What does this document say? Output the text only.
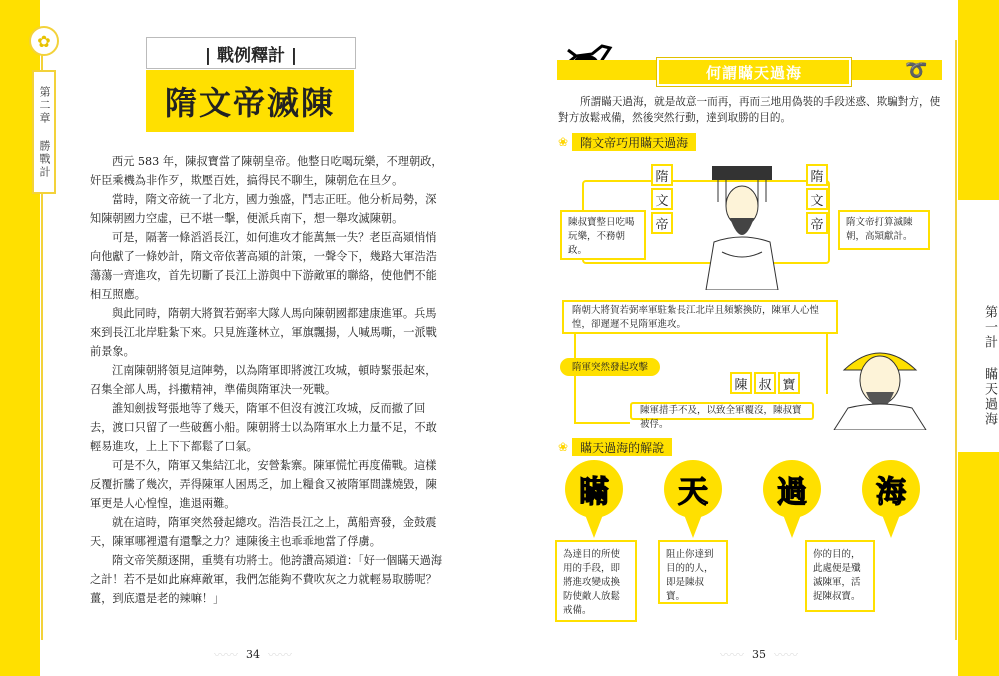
✿
第二章 勝戰計
| 戰例釋計 |
隋文帝滅陳

西元 583 年，陳叔寶當了陳朝皇帝。他整日吃喝玩樂，不理朝政，奸臣乘機為非作歹，欺壓百姓，搞得民不聊生，陳朝危在旦夕。

當時，隋文帝統一了北方，國力強盛，鬥志正旺。他分析局勢，深知陳朝國力空虛，已不堪一擊，便派兵南下，想一舉攻滅陳朝。

可是，隔著一條滔滔長江，如何進攻才能萬無一失？老臣高熲悄悄向他獻了一條妙計，隋文帝依著高熲的計策，一聲令下，幾路大軍浩浩蕩蕩一齊進攻，首先切斷了長江上游與中下游敵軍的聯絡，使他們不能相互照應。

與此同時，隋朝大將賀若弼率大隊人馬向陳朝國都建康進軍。兵馬來到長江北岸駐紮下來。只見旌蓬林立，軍旗飄揚，人喊馬嘶，一派戰前景象。

江南陳朝將領見這陣勢，以為隋軍即將渡江攻城，頓時緊張起來，召集全部人馬，抖擻精神，準備與隋軍決一死戰。

誰知劍拔弩張地等了幾天，隋軍不但沒有渡江攻城，反而撤了回去，渡口只留了一些破舊小船。陳朝將士以為隋軍水上力量不足，不敢輕易進攻，上上下下都鬆了口氣。

可是不久，隋軍又集結江北，安營紮寨。陳軍慌忙再度備戰。這樣反覆折騰了幾次，弄得陳軍人困馬乏，加上糧食又被隋軍間諜燒毀，陳軍更是人心惶惶，進退兩難。

就在這時，隋軍突然發起總攻。浩浩長江之上，萬船齊發，金鼓震天，陳軍哪裡還有還擊之力？連陳後主也乖乖地當了俘虜。

隋文帝笑顏逐開，重獎有功將士。他誇讚高熲道：「好一個瞞天過海之計！若不是如此麻痺敵軍，我們怎能夠不費吹灰之力就輕易取勝呢？薑，到底還是老的辣嘛！」

〰〰 34 〰〰
第一計 瞞天過海
何謂瞞天過海	➰
所謂瞞天過海，就是故意一而再，再而三地用偽裝的手段迷惑、欺騙對方，使對方放鬆戒備，然後突然行動，達到取勝的目的。
❀	隋文帝巧用瞞天過海
隋
文
帝
隋
文
帝
陳叔寶整日吃喝玩樂，不務朝政。
隋文帝打算滅陳朝，高熲獻計。
隋朝大將賀若弼率軍駐紮長江北岸且頻繁換防，陳軍人心惶惶，卻遲遲不見隋軍進攻。
隋軍突然發起攻擊
陳 叔 寶
陳軍措手不及，以致全軍覆沒，陳叔寶被俘。
❀	瞞天過海的解說
瞞	天	過	海
為達目的所使用的手段，即將進攻變成換防使敵人放鬆戒備。
阻止你達到目的的人，即是陳叔寶。
你的目的，此處便是殲滅陳軍，活捉陳叔寶。
〰〰 35 〰〰
